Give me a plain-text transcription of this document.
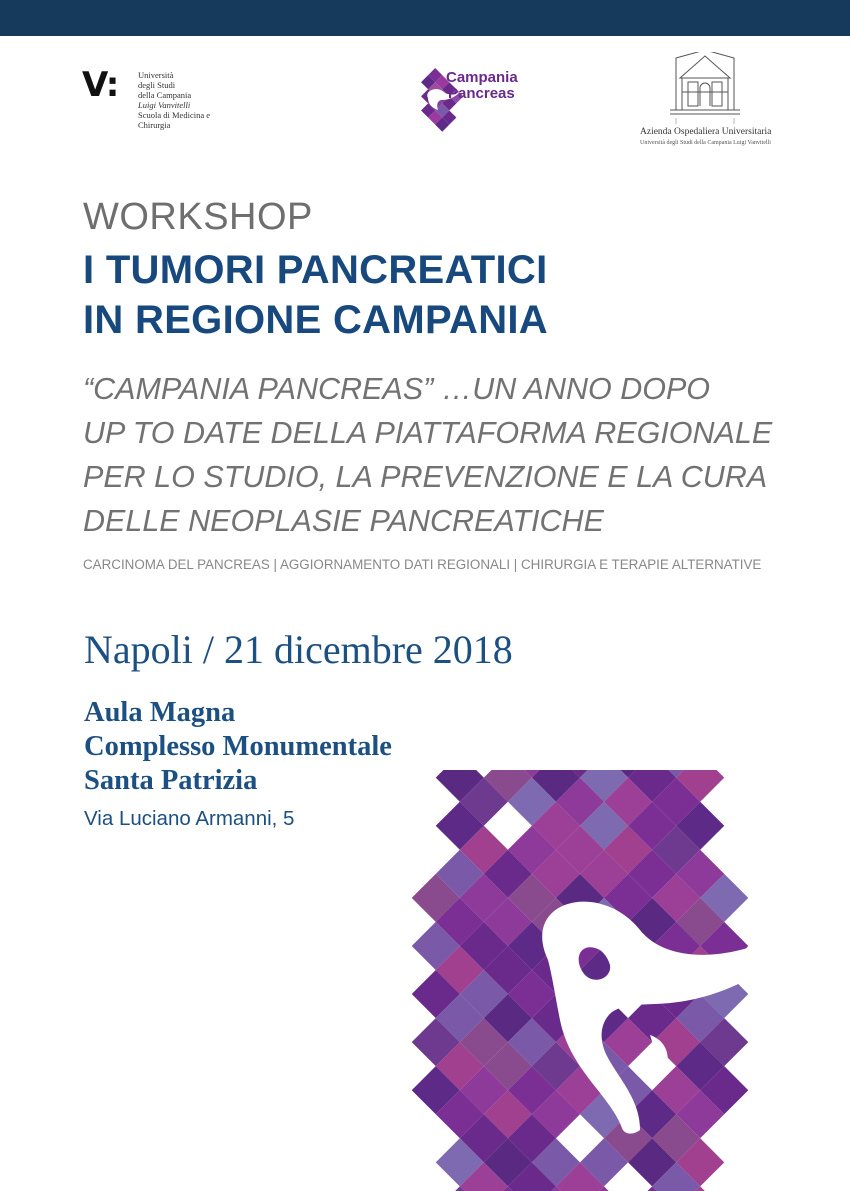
V: Università
degli Studi
della Campania
Luigi Vanvitelli
Scuola di Medicina e
Chirurgia
Campania
Pancreas
Azienda Ospedaliera Universitaria
Università degli Studi della Campania Luigi Vanvitelli
WORKSHOP
I TUMORI PANCREATICI
IN REGIONE CAMPANIA
“CAMPANIA PANCREAS” …UN ANNO DOPO
UP TO DATE DELLA PIATTAFORMA REGIONALE
PER LO STUDIO, LA PREVENZIONE E LA CURA
DELLE NEOPLASIE PANCREATICHE
CARCINOMA DEL PANCREAS | AGGIORNAMENTO DATI REGIONALI | CHIRURGIA E TERAPIE ALTERNATIVE
Napoli / 21 dicembre 2018
Aula Magna
Complesso Monumentale
Santa Patrizia
Via Luciano Armanni, 5
